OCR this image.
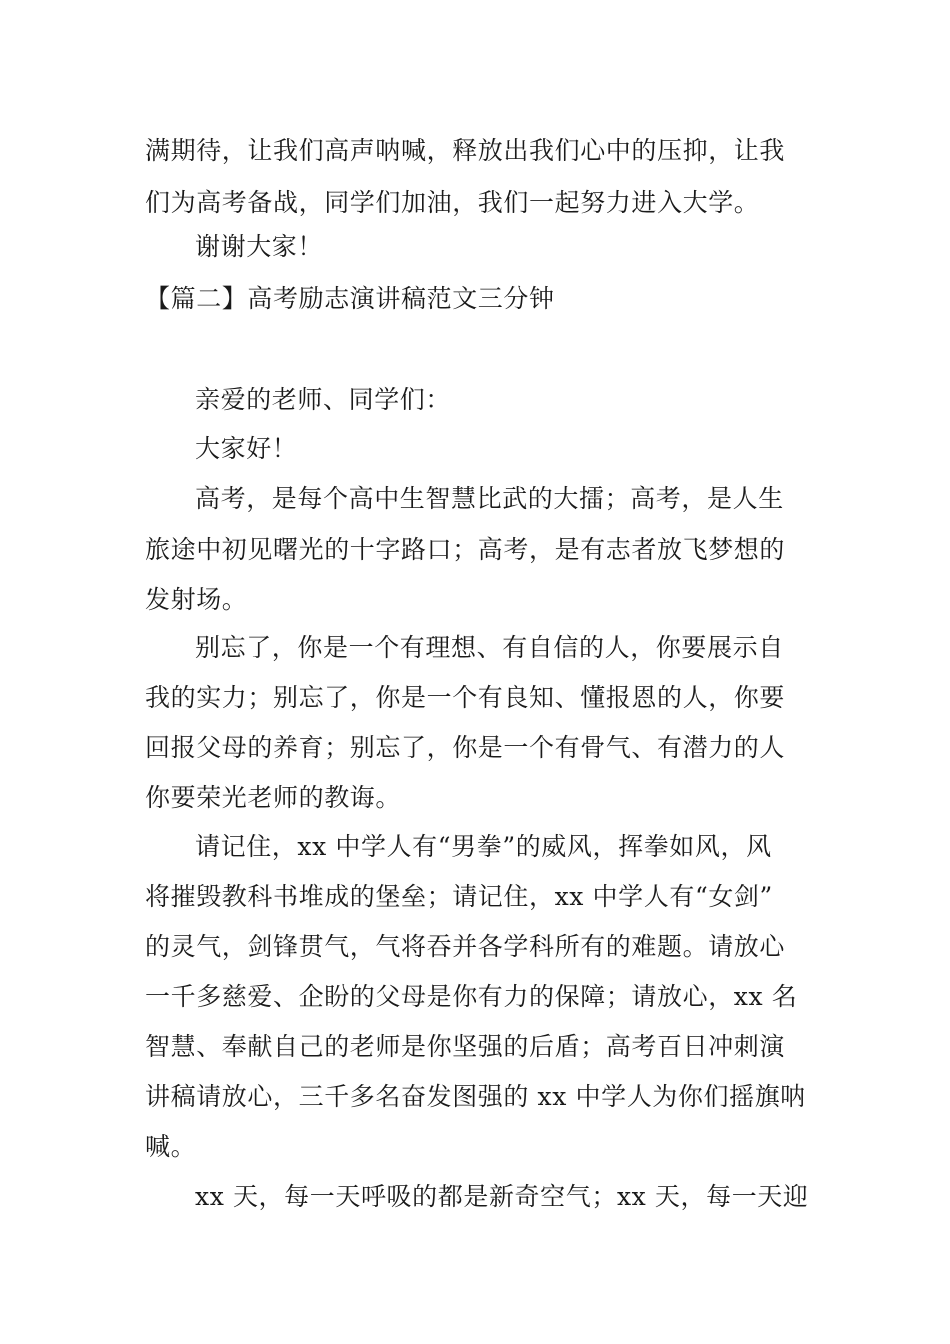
满期待，让我们高声呐喊，释放出我们心中的压抑，让我
们为高考备战，同学们加油，我们一起努力进入大学。
谢谢大家！
【篇二】高考励志演讲稿范文三分钟
亲爱的老师、同学们：
大家好！
高考，是每个高中生智慧比武的大擂；高考，是人生
旅途中初见曙光的十字路口；高考，是有志者放飞梦想的
发射场。
别忘了，你是一个有理想、有自信的人，你要展示自
我的实力；别忘了，你是一个有良知、懂报恩的人，你要
回报父母的养育；别忘了，你是一个有骨气、有潜力的人
你要荣光老师的教诲。
请记住，xx 中学人有“男拳”的威风，挥拳如风，风
将摧毁教科书堆成的堡垒；请记住，xx 中学人有“女剑”
的灵气，剑锋贯气，气将吞并各学科所有的难题。请放心
一千多慈爱、企盼的父母是你有力的保障；请放心，xx 名
智慧、奉献自己的老师是你坚强的后盾；高考百日冲刺演
讲稿请放心，三千多名奋发图强的 xx 中学人为你们摇旗呐
喊。
xx 天，每一天呼吸的都是新奇空气；xx 天，每一天迎
